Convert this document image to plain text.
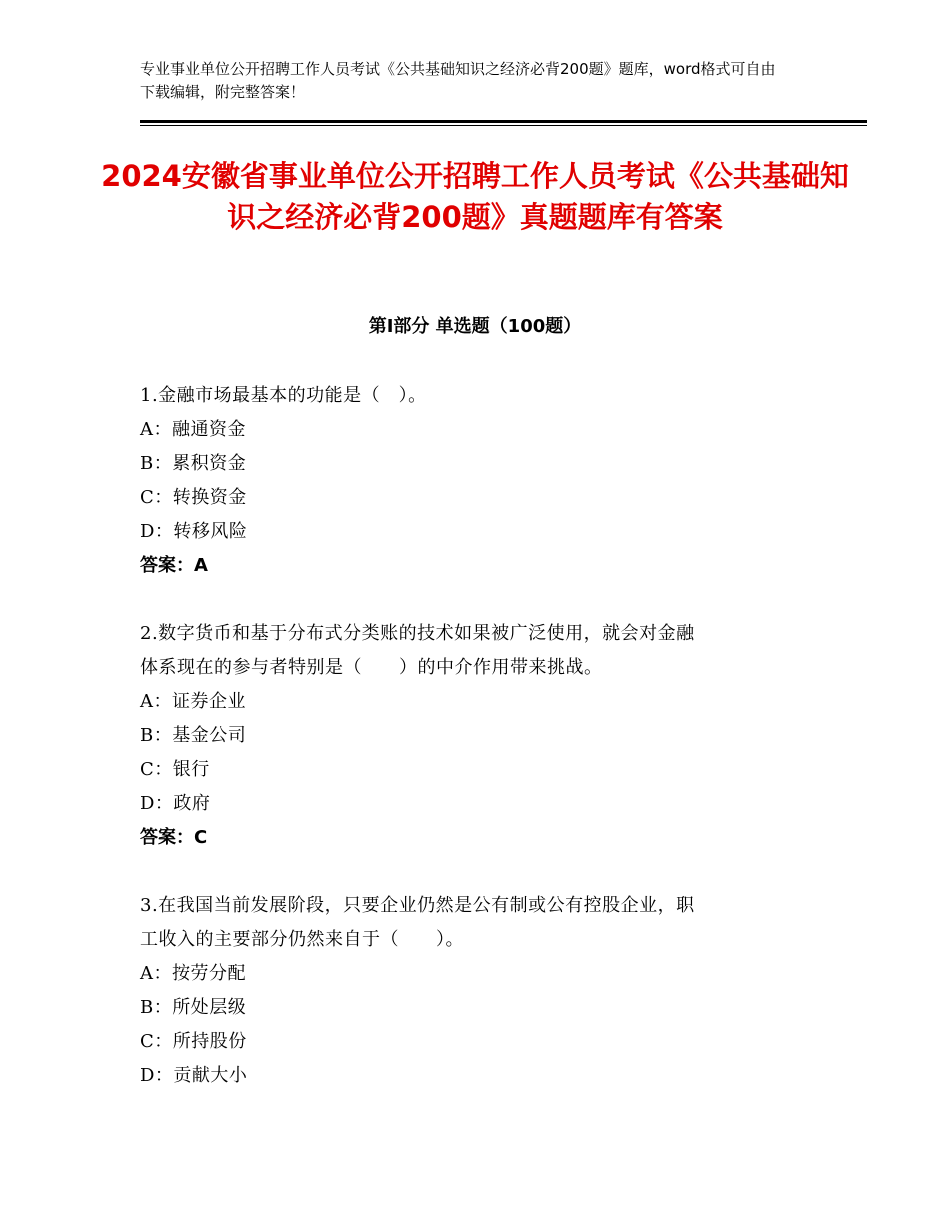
专业事业单位公开招聘工作人员考试《公共基础知识之经济必背200题》题库，word格式可自由下载编辑，附完整答案！

2024安徽省事业单位公开招聘工作人员考试《公共基础知识之经济必背200题》真题题库有答案
第Ⅰ部分 单选题（100题）

1.金融市场最基本的功能是（　）。

A：融通资金

B：累积资金

C：转换资金

D：转移风险

答案：A

2.数字货币和基于分布式分类账的技术如果被广泛使用，就会对金融

体系现在的参与者特别是（　　）的中介作用带来挑战。

A：证券企业

B：基金公司

C：银行

D：政府

答案：C

3.在我国当前发展阶段，只要企业仍然是公有制或公有控股企业，职

工收入的主要部分仍然来自于（　　）。

A：按劳分配

B：所处层级

C：所持股份

D：贡献大小
